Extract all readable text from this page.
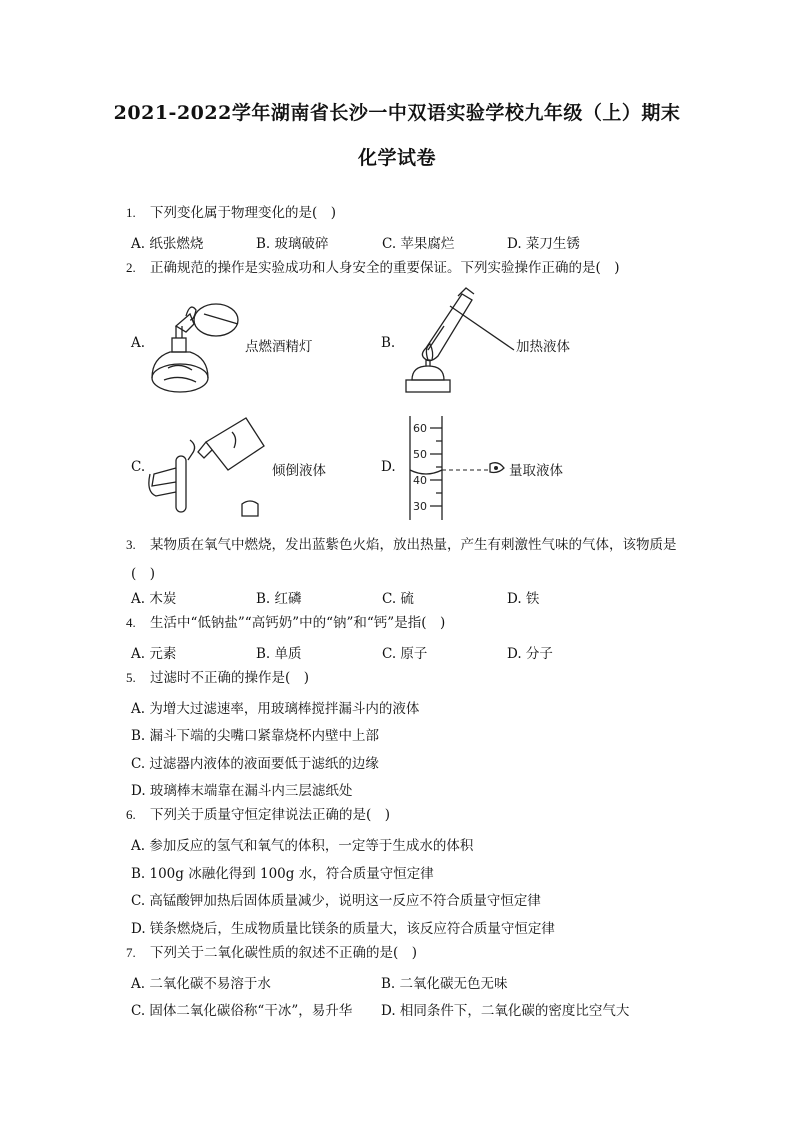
2021-2022学年湖南省长沙一中双语实验学校九年级（上）期末
化学试卷
1. 下列变化属于物理变化的是(　)
A. 纸张燃烧	B. 玻璃破碎	C. 苹果腐烂	D. 菜刀生锈
2. 正确规范的操作是实验成功和人身安全的重要保证。下列实验操作正确的是(　)
A.	点燃酒精灯	B.	加热液体
C.	倾倒液体	D.
60
50
40
30
量取液体
3. 某物质在氧气中燃烧，发出蓝紫色火焰，放出热量，产生有刺激性气味的气体，该物质是
(　)
A. 木炭	B. 红磷	C. 硫	D. 铁
4. 生活中“低钠盐”“高钙奶”中的“钠”和“钙”是指(　)
A. 元素	B. 单质	C. 原子	D. 分子
5. 过滤时不正确的操作是(　)
A. 为增大过滤速率，用玻璃棒搅拌漏斗内的液体
B. 漏斗下端的尖嘴口紧靠烧杯内壁中上部
C. 过滤器内液体的液面要低于滤纸的边缘
D. 玻璃棒末端靠在漏斗内三层滤纸处
6. 下列关于质量守恒定律说法正确的是(　)
A. 参加反应的氢气和氧气的体积，一定等于生成水的体积
B. 100g 冰融化得到 100g 水，符合质量守恒定律
C. 高锰酸钾加热后固体质量减少，说明这一反应不符合质量守恒定律
D. 镁条燃烧后，生成物质量比镁条的质量大，该反应符合质量守恒定律
7. 下列关于二氧化碳性质的叙述不正确的是(　)
A. 二氧化碳不易溶于水	B. 二氧化碳无色无味
C. 固体二氧化碳俗称“干冰”，易升华 D. 相同条件下，二氧化碳的密度比空气大
